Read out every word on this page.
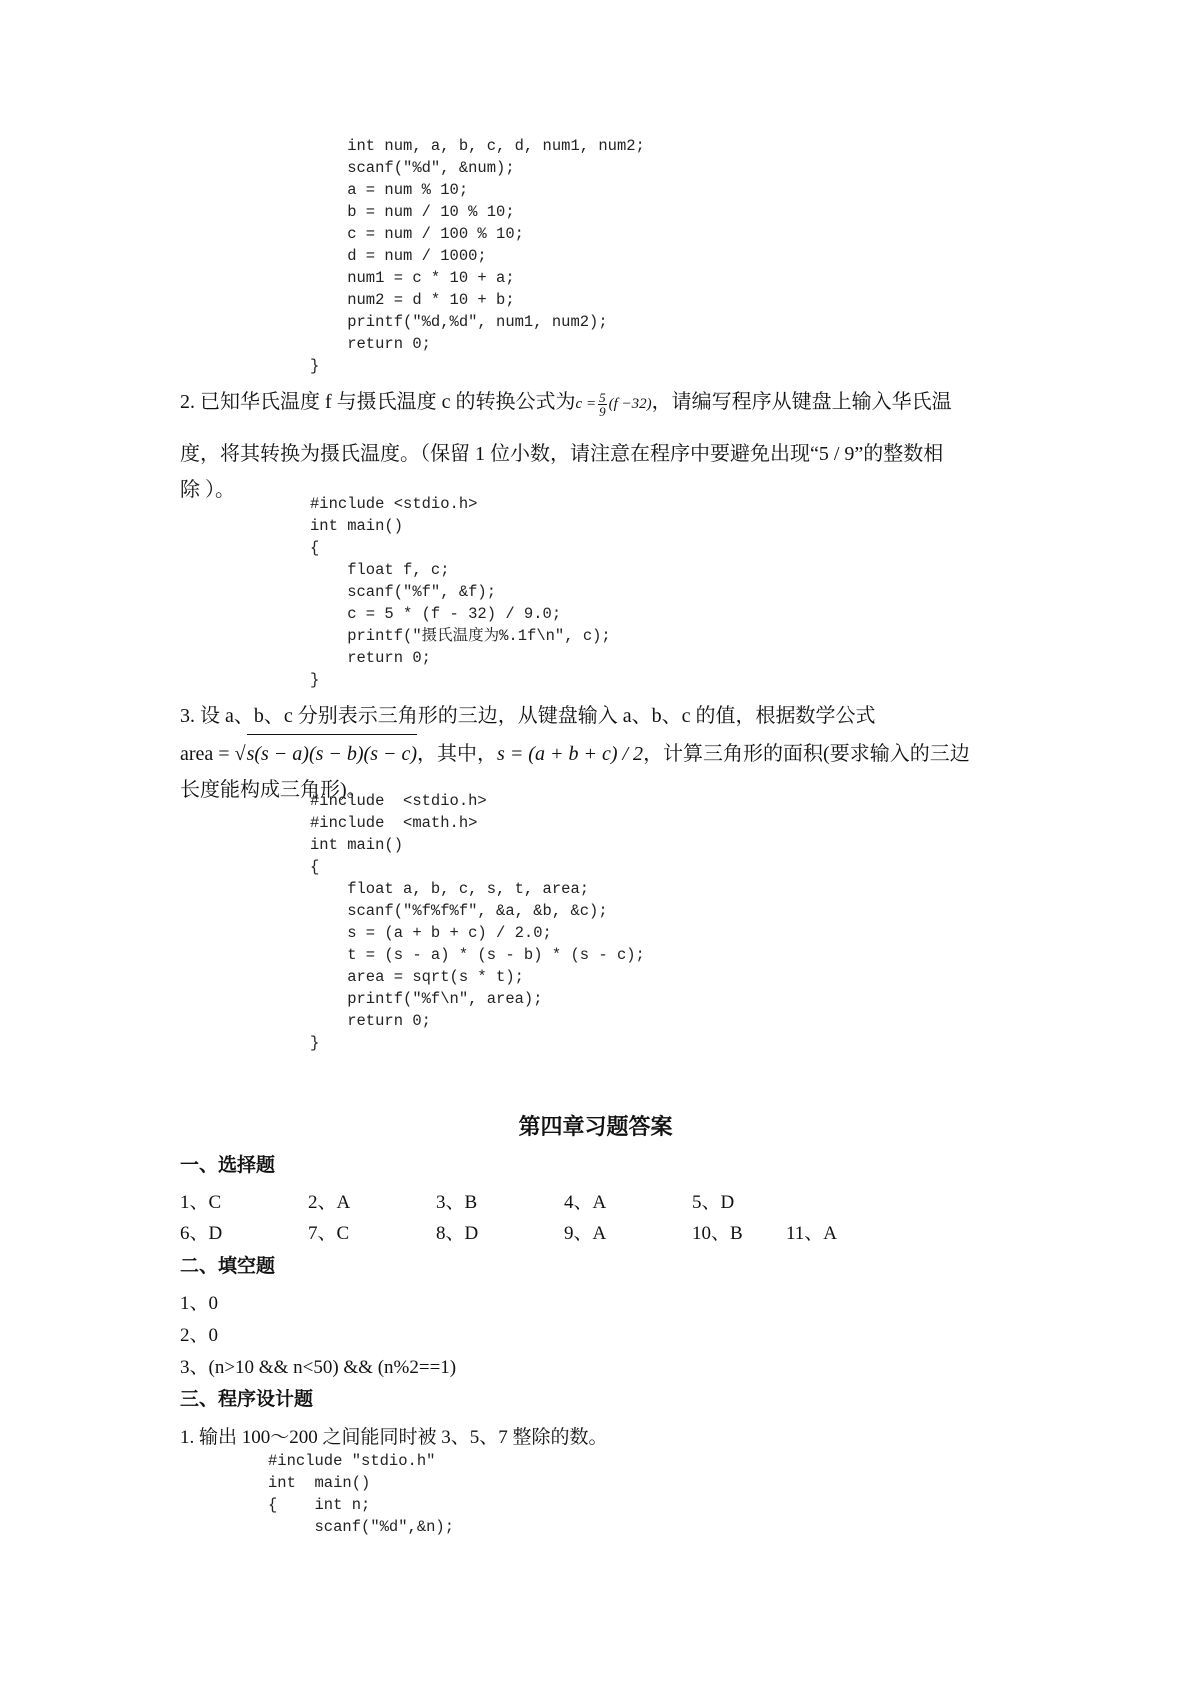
int num, a, b, c, d, num1, num2;
scanf("%d", &num);
a = num % 10;
b = num / 10 % 10;
c = num / 100 % 10;
d = num / 1000;
num1 = c * 10 + a;
num2 = d * 10 + b;
printf("%d,%d", num1, num2);
return 0;
}
2. 已知华氏温度 f 与摄氏温度 c 的转换公式为$c = \frac{5}{9} (f -32)$，请编写程序从键盘上输入华氏温
度，将其转换为摄氏温度。（保留 1 位小数，请注意在程序中要避免出现“5 / 9”的整数相
除 ）。
#include <stdio.h>
int main()
{
float f, c;
scanf("%f", &f);
c = 5 * (f - 32) / 9.0;
printf("摄氏温度为%.1f\n", c);
return 0;
}
3. 设 a、b、c 分别表示三角形的三边，从键盘输入 a、b、c 的值，根据数学公式
area = √s(s − a)(s − b)(s − c)，其中，s = (a + b + c) / 2，计算三角形的面积(要求输入的三边
长度能构成三角形)。
#include  <stdio.h>
#include  <math.h>
int main()
{
float a, b, c, s, t, area;
scanf("%f%f%f", &a, &b, &c);
s = (a + b + c) / 2.0;
t = (s - a) * (s - b) * (s - c);
area = sqrt(s * t);
printf("%f\n", area);
return 0;
}
第四章习题答案
一、选择题
1、C	2、A	3、B	4、A	5、D
6、D	7、C	8、D	9、A	10、B 11、A
二、填空题
1、0
2、0
3、(n>10 && n<50) && (n%2==1)
三、程序设计题
1. 输出 100～200 之间能同时被 3、5、7 整除的数。
#include "stdio.h"
int  main()
{    int n;
scanf("%d",&n);
